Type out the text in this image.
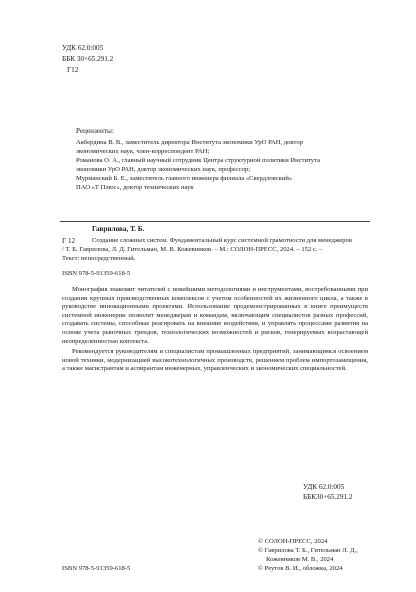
УДК 62.0:005
ББК 30+65.291.2
Г12
Рецензенты:
Акбердина В. В., заместитель директора Института экономики УрО РАН, доктор
экономических наук, член-корреспондент РАН;
Романова О. А., главный научный сотрудник Центра структурной политики Института
экономики УрО РАН, доктор экономических наук, профессор;
Мурманский Б. Е., заместитель главного инженера филиала «Свердловский»
ПАО «Т Плюс», доктор технических наук
Г 12
Гаврилова, Т. Б.
Создание сложных систем. Фундаментальный курс системной грамотности для менеджеров
/ Т. Б. Гаврилова, Л. Д. Гительман, М. В. Кожевников. – М.: СОЛОН-ПРЕСС, 2024. – 152 с. –
Текст: непосредственный.
ISBN 978-5-91359-618-5
Монография знакомит читателей с новейшими методологиями и инструментами, востребованными при создании крупных производственных комплексов с учетом особенностей их жизненного цикла, а также в руководстве инновационными проектами. Использование продемонстрированных в книге преимуществ системной инженерии позволит менеджерам и командам, включающим специалистов разных профессий, создавать системы, способные реагировать на внешние воздействия, и управлять процессами развития на основе учета рыночных трендов, технологических возможностей и рисков, генерируемых возрастающей неопределенностью контекста.
Рекомендуется руководителям и специалистам промышленных предприятий, занимающимся освоением новой техники, модернизацией высокотехнологичных производств, решением проблем импортозамещения, а также магистрантам и аспирантам инженерных, управленческих и экономических специальностей.
УДК 62.0:005
ББК30+65.291.2
© СОЛОН-ПРЕСС, 2024
© Гаврилова Т. Б., Гительман Л. Д.,
Кожевников М. В., 2024
© Реутов В. И., обложка, 2024
ISBN 978-5-91359-618-5
